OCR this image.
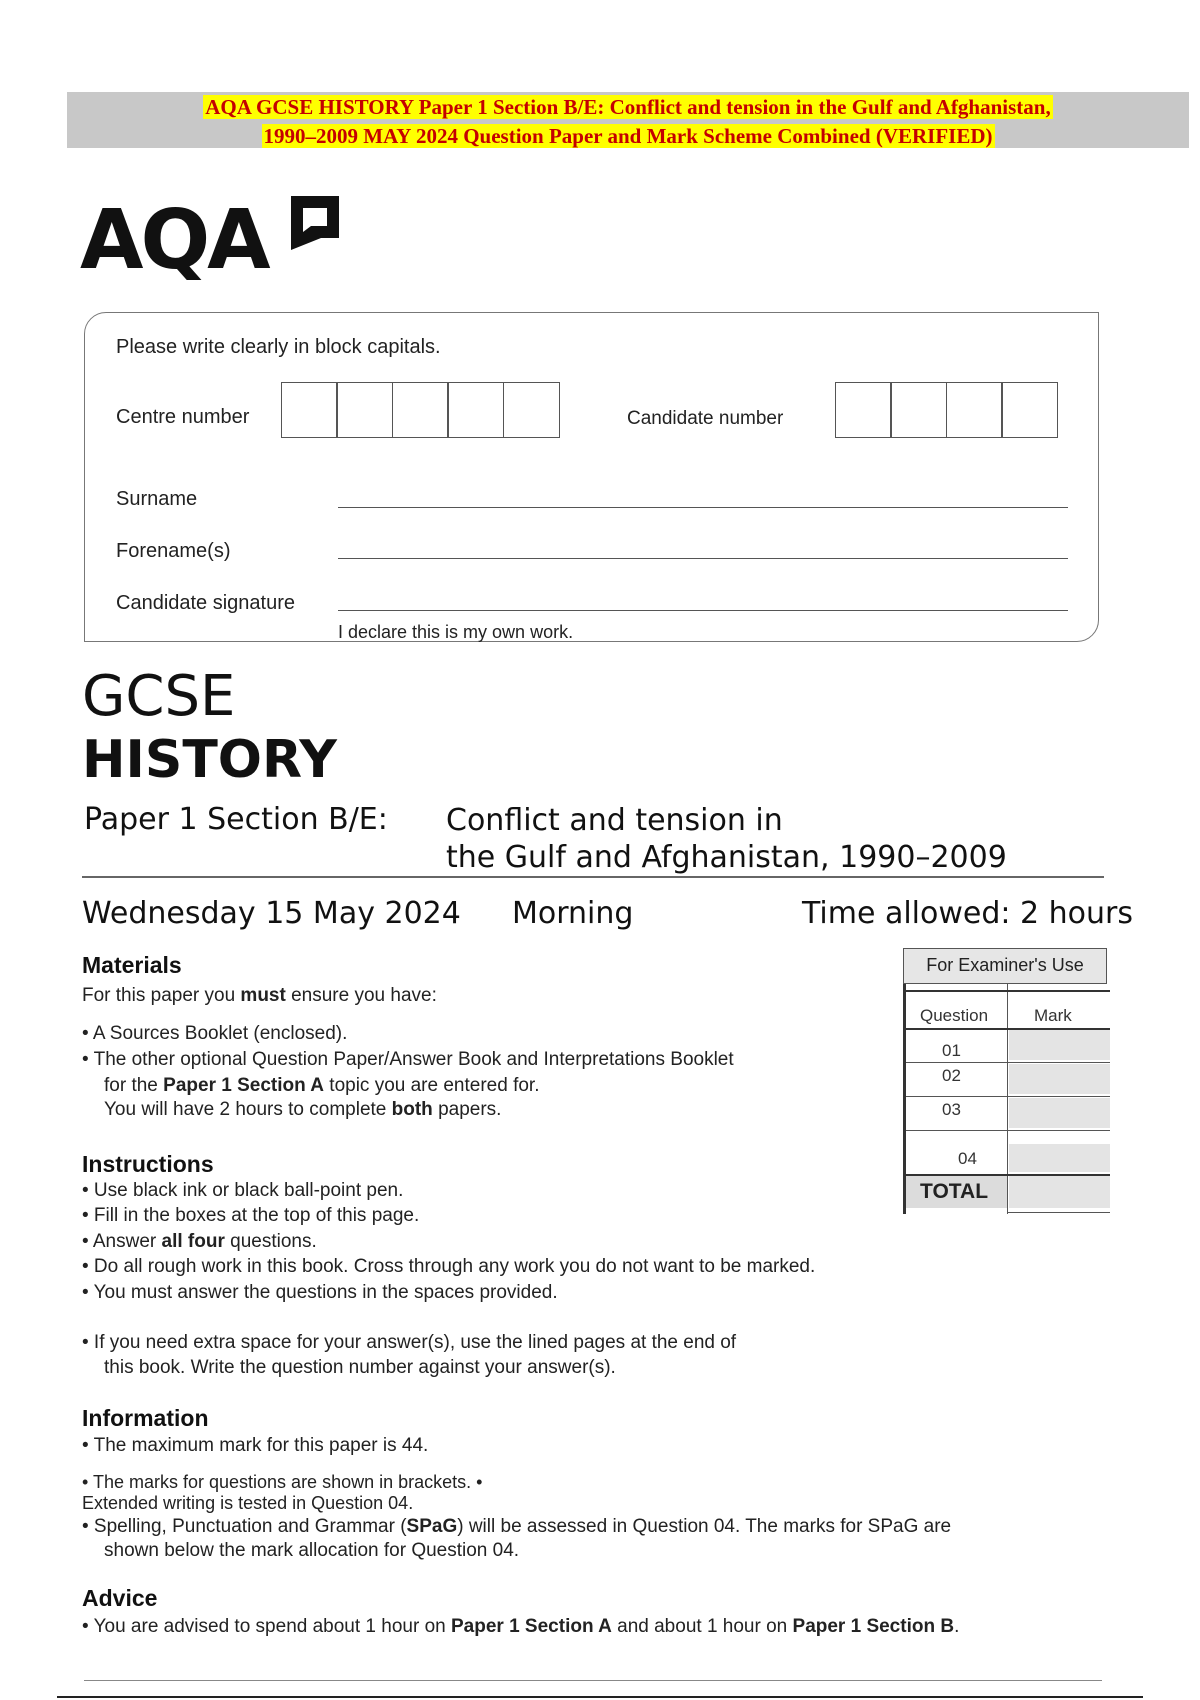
AQA GCSE HISTORY Paper 1 Section B/E: Conflict and tension in the Gulf and Afghanistan,
1990–2009 MAY 2024 Question Paper and Mark Scheme Combined (VERIFIED)
AQA
Please write clearly in block capitals.
Centre number	Candidate number
Surname
Forename(s)
Candidate signature
I declare this is my own work.
GCSE
HISTORY
Paper 1 Section B/E: Conflict and tension in
the Gulf and Afghanistan, 1990–2009
Wednesday 15 May 2024 Morning	Time allowed: 2 hours
Materials
For this paper you must ensure you have:
• A Sources Booklet (enclosed).
• The other optional Question Paper/Answer Book and Interpretations Booklet
for the Paper 1 Section A topic you are entered for.
You will have 2 hours to complete both papers.
For Examiner's Use
Question	Mark
01
02
03
04
TOTAL
Instructions
• Use black ink or black ball-point pen.
• Fill in the boxes at the top of this page.
• Answer all four questions.
• Do all rough work in this book. Cross through any work you do not want to be marked.
• You must answer the questions in the spaces provided.
• If you need extra space for your answer(s), use the lined pages at the end of
this book. Write the question number against your answer(s).
Information
• The maximum mark for this paper is 44.
• The marks for questions are shown in brackets. •
Extended writing is tested in Question 04.
• Spelling, Punctuation and Grammar (SPaG) will be assessed in Question 04. The marks for SPaG are
shown below the mark allocation for Question 04.
Advice
• You are advised to spend about 1 hour on Paper 1 Section A and about 1 hour on Paper 1 Section B.
